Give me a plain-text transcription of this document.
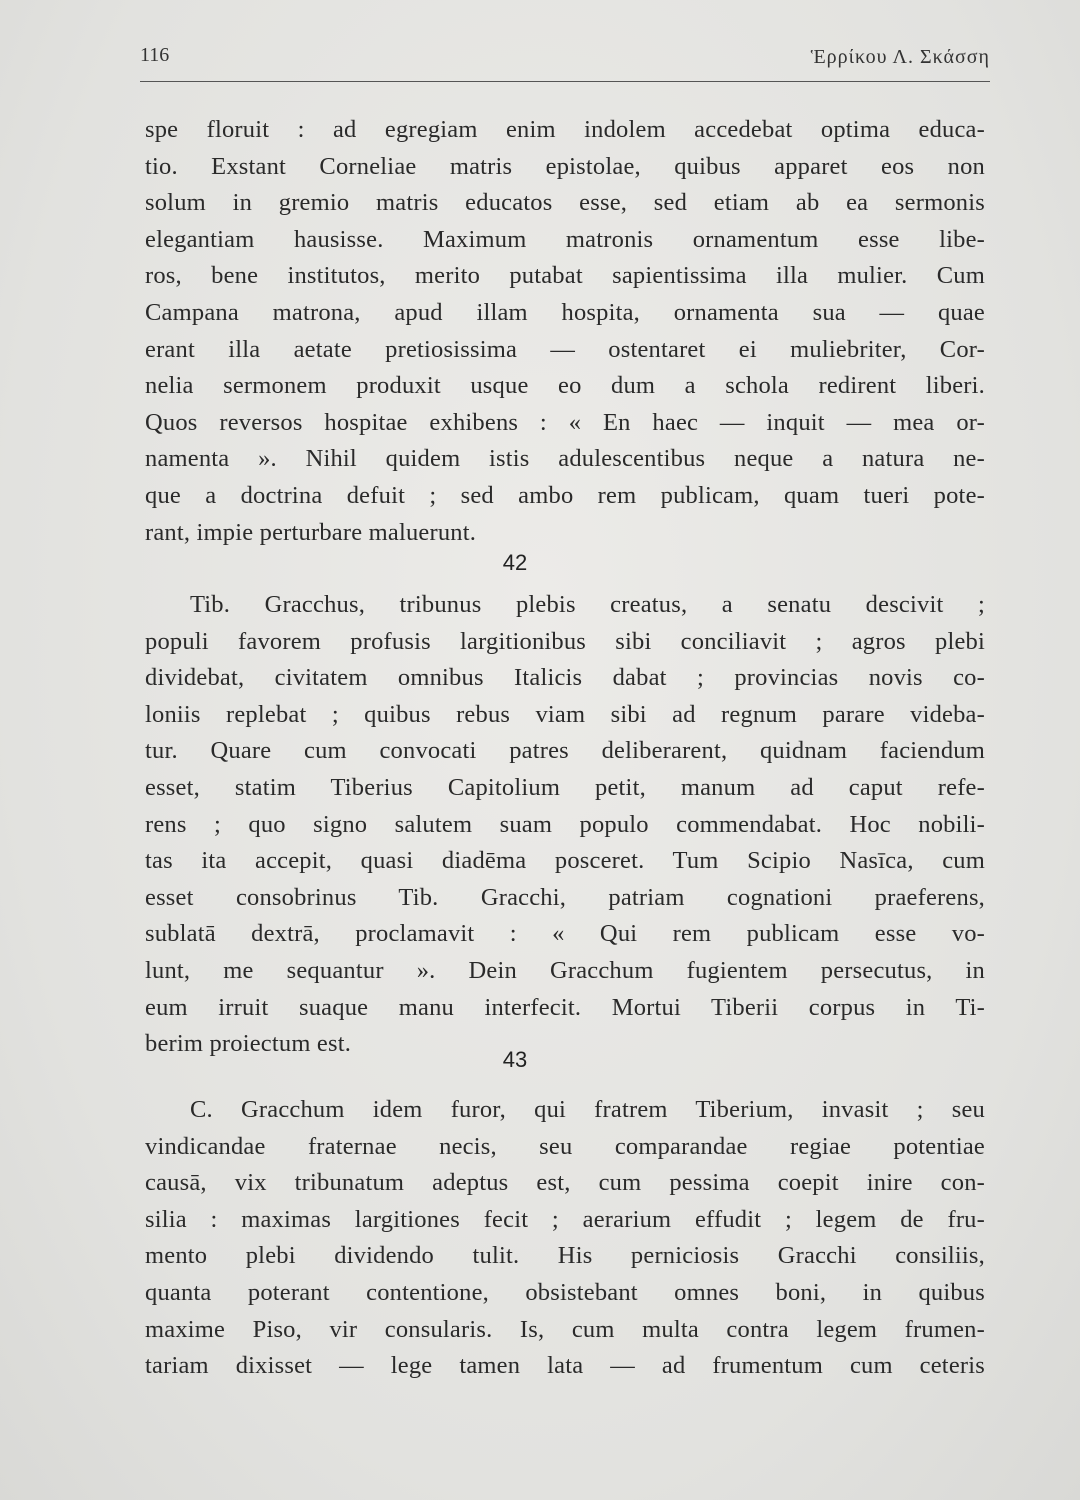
116	Ἑρρίκου Λ. Σκάσση
spe floruit : ad egregiam enim indolem accedebat optima educa-
tio. Exstant Corneliae matris epistolae, quibus apparet eos non
solum in gremio matris educatos esse, sed etiam ab ea sermonis
elegantiam hausisse. Maximum matronis ornamentum esse libe-
ros, bene institutos, merito putabat sapientissima illa mulier. Cum
Campana matrona, apud illam hospita, ornamenta sua — quae
erant illa aetate pretiosissima — ostentaret ei muliebriter, Cor-
nelia sermonem produxit usque eo dum a schola redirent liberi.
Quos reversos hospitae exhibens : « En haec — inquit — mea or-
namenta ». Nihil quidem istis adulescentibus neque a natura ne-
que a doctrina defuit ; sed ambo rem publicam, quam tueri pote-
rant, impie perturbare maluerunt.
42
Tib. Gracchus, tribunus plebis creatus, a senatu descivit ;
populi favorem profusis largitionibus sibi conciliavit ; agros plebi
dividebat, civitatem omnibus Italicis dabat ; provincias novis co-
loniis replebat ; quibus rebus viam sibi ad regnum parare videba-
tur. Quare cum convocati patres deliberarent, quidnam faciendum
esset, statim Tiberius Capitolium petit, manum ad caput refe-
rens ; quo signo salutem suam populo commendabat. Hoc nobili-
tas ita accepit, quasi diadēma posceret. Tum Scipio Nasīca, cum
esset consobrinus Tib. Gracchi, patriam cognationi praeferens,
sublatā dextrā, proclamavit : « Qui rem publicam esse vo-
lunt, me sequantur ». Dein Gracchum fugientem persecutus, in
eum irruit suaque manu interfecit. Mortui Tiberii corpus in Ti-
berim proiectum est.
43
C. Gracchum idem furor, qui fratrem Tiberium, invasit ; seu
vindicandae fraternae necis, seu comparandae regiae potentiae
causā, vix tribunatum adeptus est, cum pessima coepit inire con-
silia : maximas largitiones fecit ; aerarium effudit ; legem de fru-
mento plebi dividendo tulit. His perniciosis Gracchi consiliis,
quanta poterant contentione, obsistebant omnes boni, in quibus
maxime Piso, vir consularis. Is, cum multa contra legem frumen-
tariam dixisset — lege tamen lata — ad frumentum cum ceteris
